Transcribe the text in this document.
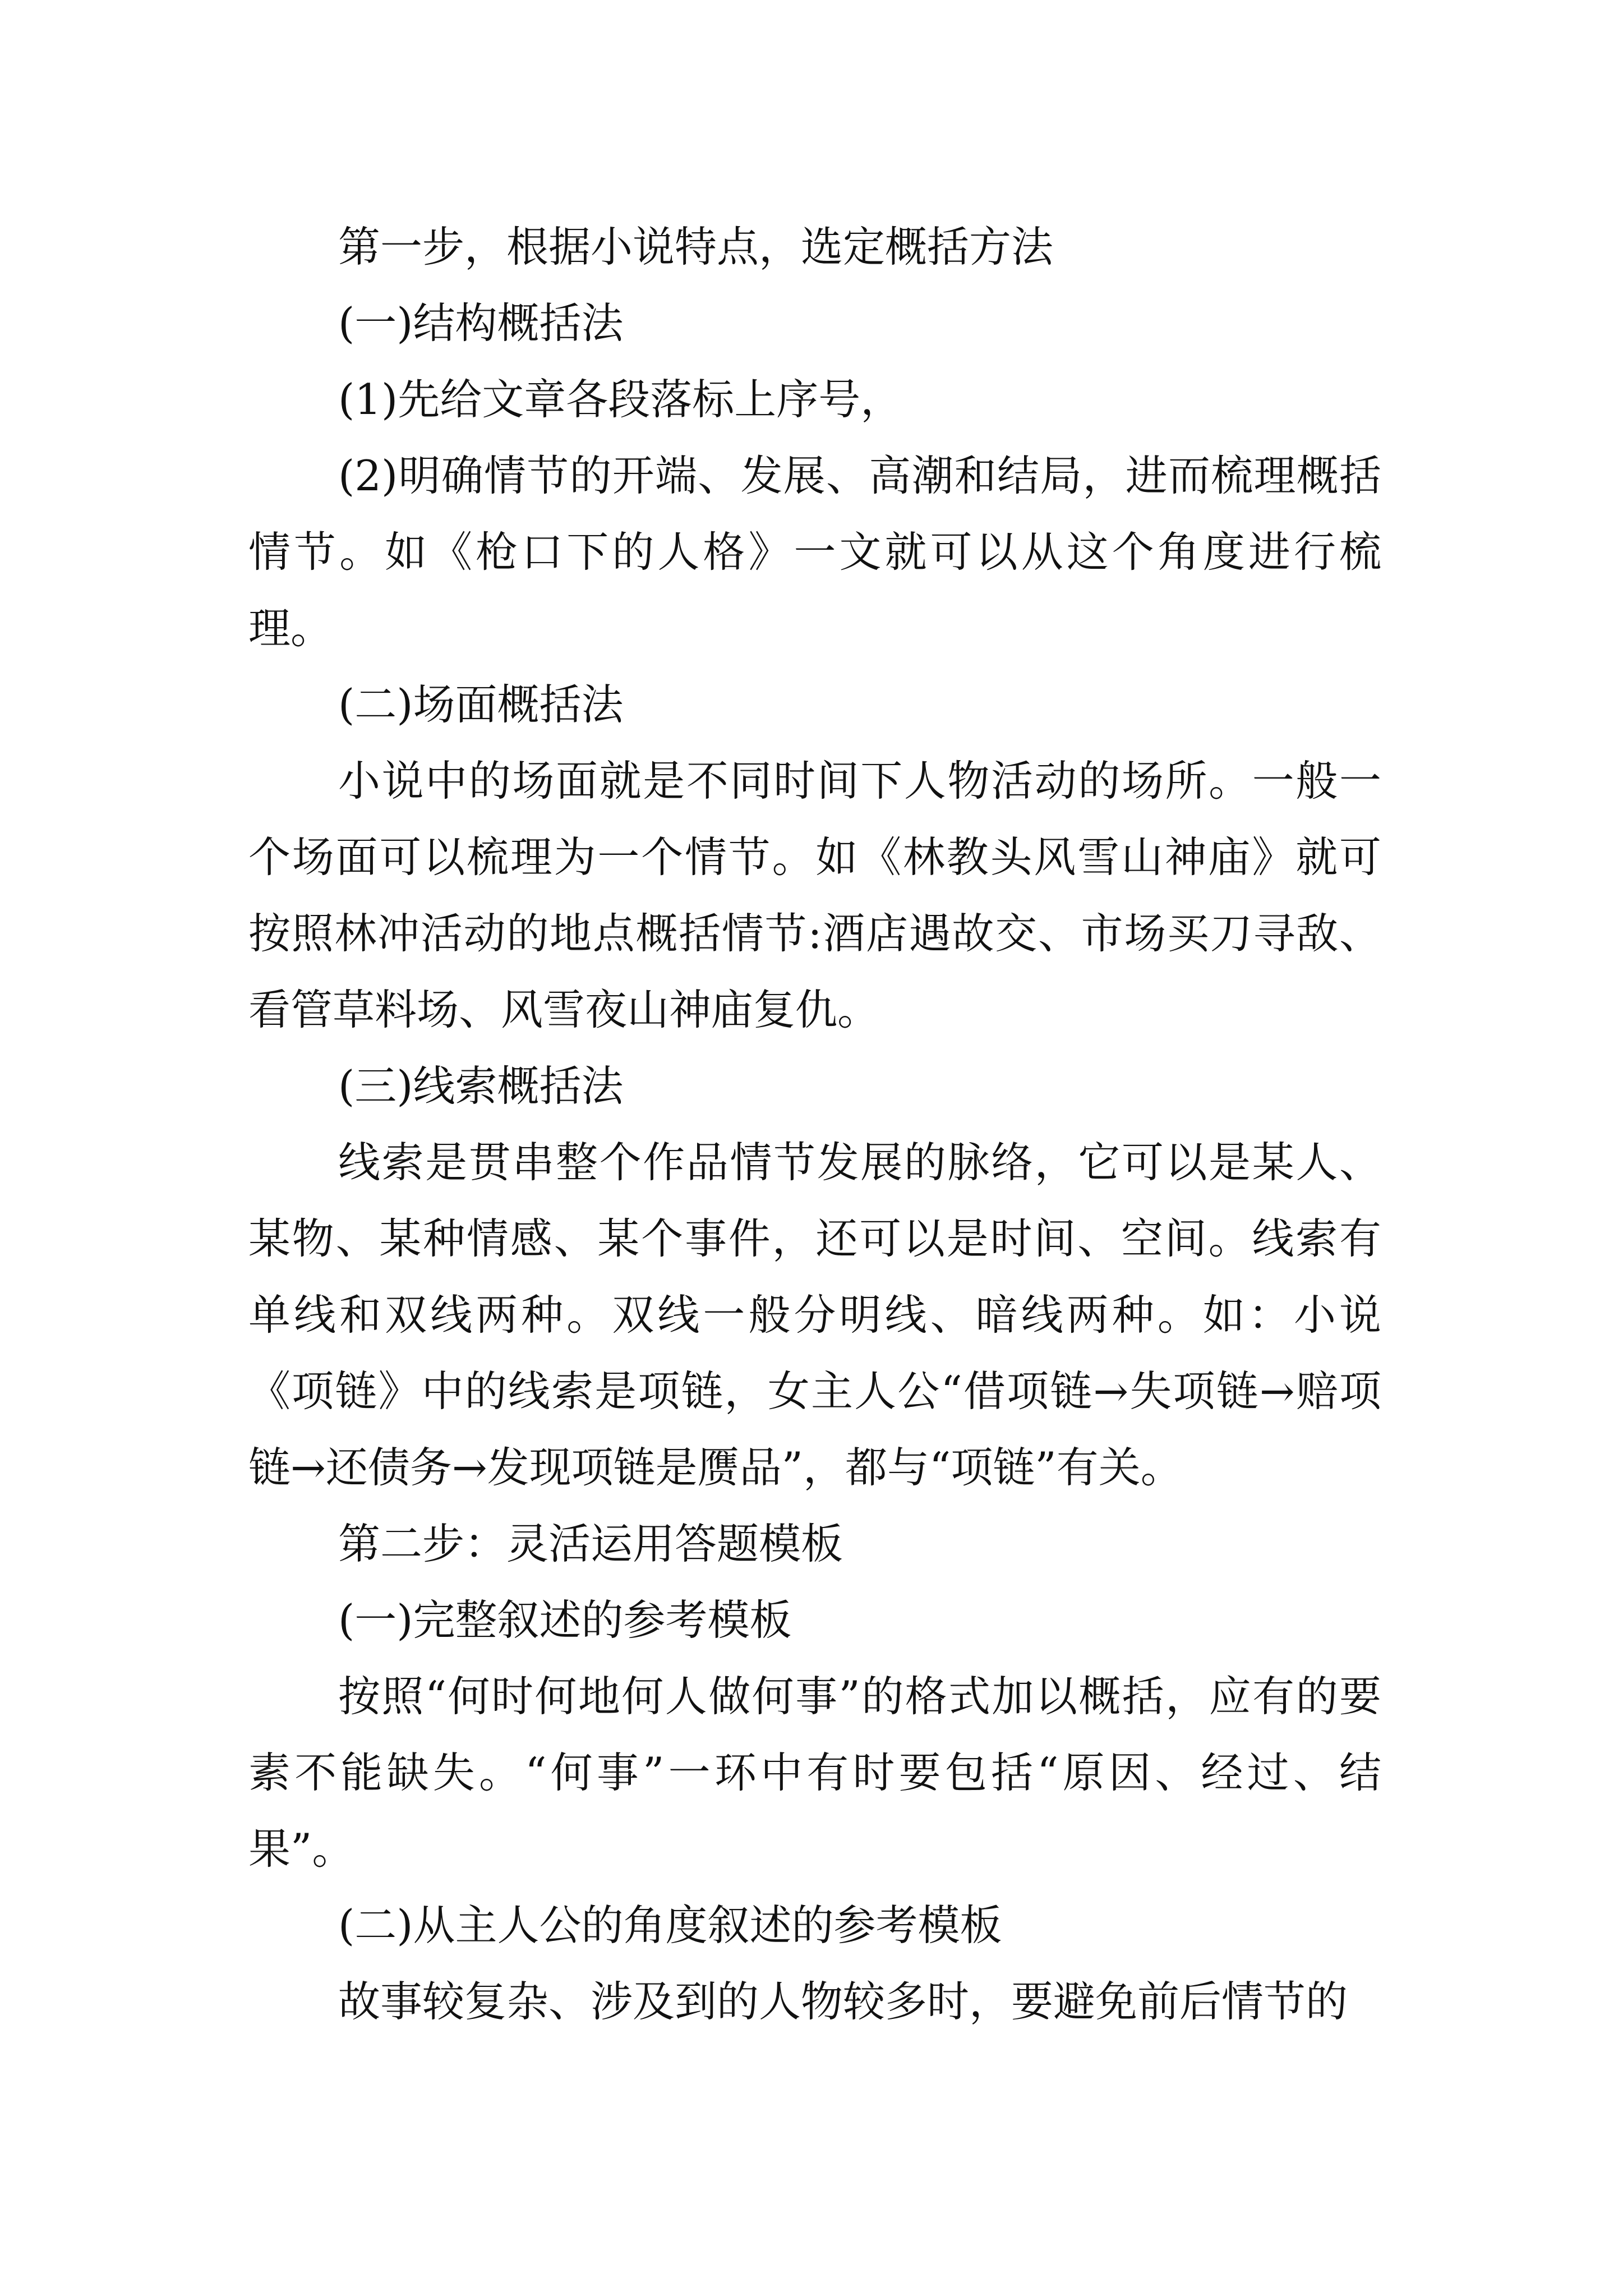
第一步，根据小说特点，选定概括方法

(一)结构概括法

(1)先给文章各段落标上序号，

(2)明确情节的开端、发展、高潮和结局，进而梳理概括情节。如《枪口下的人格》一文就可以从这个角度进行梳理。

(二)场面概括法

小说中的场面就是不同时间下人物活动的场所。一般一个场面可以梳理为一个情节。如《林教头风雪山神庙》就可按照林冲活动的地点概括情节:酒店遇故交、市场买刀寻敌、看管草料场、风雪夜山神庙复仇。

(三)线索概括法

线索是贯串整个作品情节发展的脉络，它可以是某人、某物、某种情感、某个事件，还可以是时间、空间。线索有单线和双线两种。双线一般分明线、暗线两种。如：小说《项链》中的线索是项链，女主人公“借项链→失项链→赔项链→还债务→发现项链是赝品”，都与“项链”有关。

第二步：灵活运用答题模板

(一)完整叙述的参考模板

按照“何时何地何人做何事”的格式加以概括，应有的要素不能缺失。“何事”一环中有时要包括“原因、经过、结果”。

(二)从主人公的角度叙述的参考模板

故事较复杂、涉及到的人物较多时，要避免前后情节的
